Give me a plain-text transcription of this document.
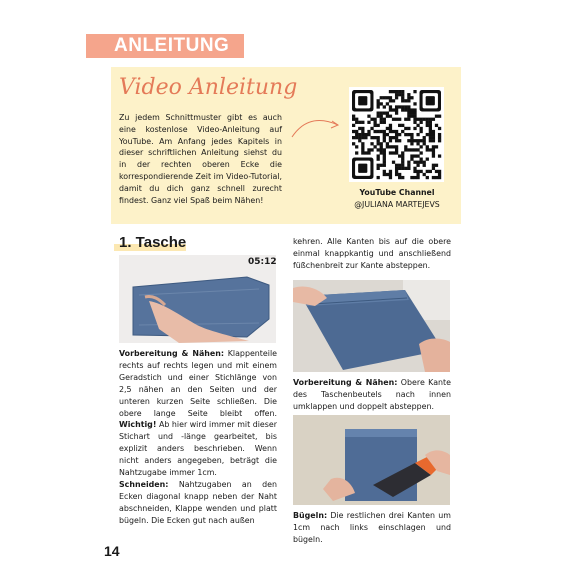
ANLEITUNG
Video Anleitung
Zu jedem Schnittmuster gibt es auch eine kostenlose Video-Anleitung auf YouTube. Am Anfang jedes Kapitels in dieser schriftlichen Anleitung siehst du in der rechten oberen Ecke die korrespondierende Zeit im Video-Tutorial, damit du dich ganz schnell zurecht findest. Ganz viel Spaß beim Nähen!
YouTube Channel
@JULIANA MARTEJEVS
1. Tasche
05:12
Vorbereitung & Nähen: Klappenteile rechts auf rechts legen und mit einem Geradstich und einer Stichlänge von 2,5 nähen an den Seiten und der unteren kurzen Seite schließen. Die obere lange Seite bleibt offen. Wichtig! Ab hier wird immer mit dieser Stichart und -länge gearbeitet, bis explizit anders beschrieben. Wenn nicht anders angegeben, beträgt die Nahtzugabe immer 1cm.
Schneiden: Nahtzugaben an den Ecken diagonal knapp neben der Naht abschneiden, Klappe wenden und platt bügeln. Die Ecken gut nach außen
kehren. Alle Kanten bis auf die obere einmal knappkantig und anschließend füßchenbreit zur Kante absteppen.
Vorbereitung & Nähen: Obere Kante des Taschenbeutels nach innen umklappen und doppelt absteppen.
Bügeln: Die restlichen drei Kanten um 1cm nach links einschlagen und bügeln.
14
